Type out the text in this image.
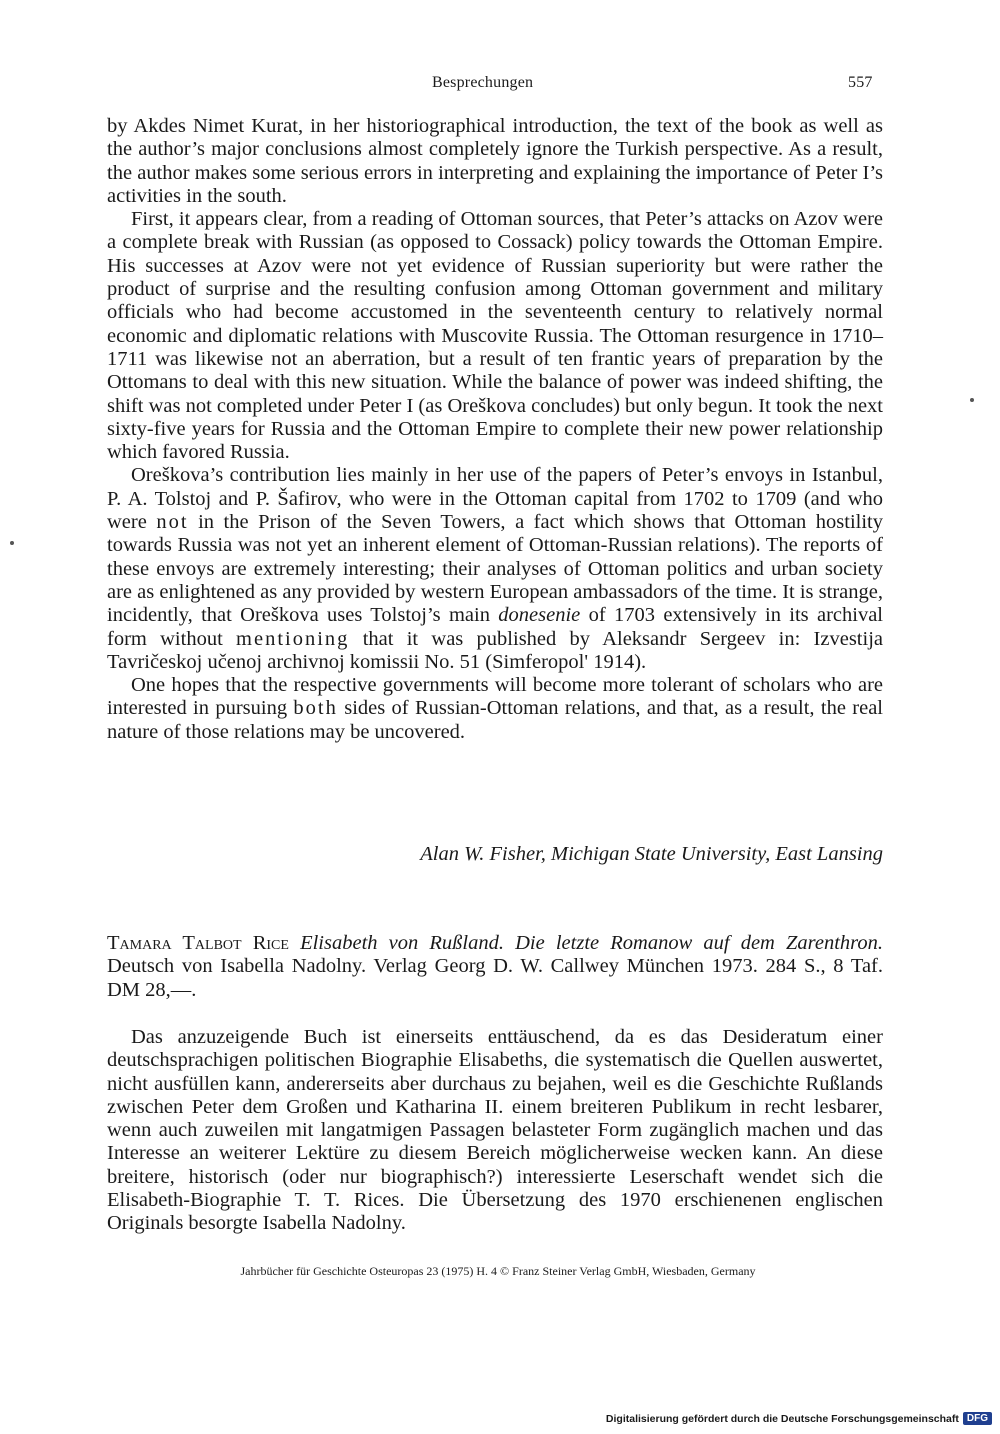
Besprechungen	557

by Akdes Nimet Kurat, in her historiographical introduction, the text of the book as well as the author’s major conclusions almost completely ignore the Turkish perspective. As a result, the author makes some serious errors in interpreting and explaining the importance of Peter I’s activities in the south.

First, it appears clear, from a reading of Ottoman sources, that Peter’s attacks on Azov were a complete break with Russian (as opposed to Cossack) policy towards the Ottoman Empire. His successes at Azov were not yet evidence of Russian superiority but were rather the product of surprise and the resulting confusion among Ottoman government and military officials who had become accustomed in the seventeenth century to relatively normal economic and diplomatic relations with Muscovite Russia. The Ottoman resurgence in 1710–1711 was likewise not an aberration, but a result of ten frantic years of preparation by the Ottomans to deal with this new situation. While the balance of power was indeed shifting, the shift was not completed under Peter I (as Oreškova concludes) but only begun. It took the next sixty-five years for Russia and the Ottoman Empire to complete their new power relationship which favored Russia.

Oreškova’s contribution lies mainly in her use of the papers of Peter’s envoys in Istanbul, P. A. Tolstoj and P. Šafirov, who were in the Ottoman capital from 1702 to 1709 (and who were not in the Prison of the Seven Towers, a fact which shows that Ottoman hostility towards Russia was not yet an inherent element of Ottoman-Russian relations). The reports of these envoys are extremely interesting; their analyses of Ottoman politics and urban society are as enlightened as any provided by western European ambassadors of the time. It is strange, incidently, that Oreškova uses Tolstoj’s main donesenie of 1703 extensively in its archival form without mentioning that it was published by Aleksandr Sergeev in: Izvestija Tavričeskoj učenoj archivnoj komissii No. 51 (Simferopol' 1914).

One hopes that the respective governments will become more tolerant of scholars who are interested in pursuing both sides of Russian-Ottoman relations, and that, as a result, the real nature of those relations may be uncovered.

Alan W. Fisher, Michigan State University, East Lansing

Tamara Talbot Rice Elisabeth von Rußland. Die letzte Romanow auf dem Zarenthron. Deutsch von Isabella Nadolny. Verlag Georg D. W. Callwey München 1973. 284 S., 8 Taf. DM 28,—.

Das anzuzeigende Buch ist einerseits enttäuschend, da es das Desideratum einer deutschsprachigen politischen Biographie Elisabeths, die systematisch die Quellen auswertet, nicht ausfüllen kann, andererseits aber durchaus zu bejahen, weil es die Geschichte Rußlands zwischen Peter dem Großen und Katharina II. einem breiteren Publikum in recht lesbarer, wenn auch zuweilen mit langatmigen Passagen belasteter Form zugänglich machen und das Interesse an weiterer Lektüre zu diesem Bereich möglicherweise wecken kann. An diese breitere, historisch (oder nur biographisch?) interessierte Leserschaft wendet sich die Elisabeth-Biographie T. T. Rices. Die Übersetzung des 1970 erschienenen englischen Originals besorgte Isabella Nadolny.

Jahrbücher für Geschichte Osteuropas 23 (1975) H. 4 © Franz Steiner Verlag GmbH, Wiesbaden, Germany
Digitalisierung gefördert durch die Deutsche Forschungsgemeinschaft DFG
